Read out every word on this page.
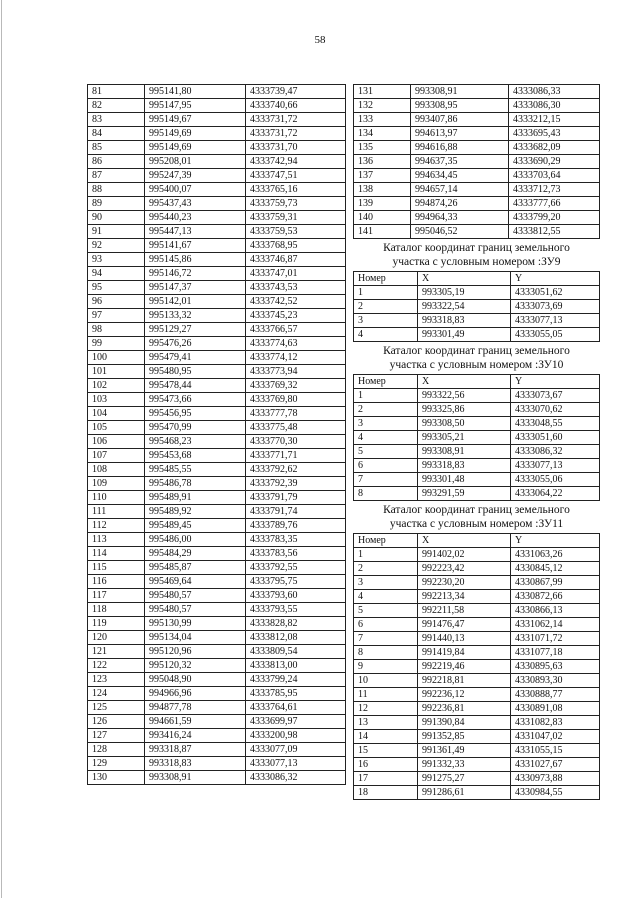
58
81	995141,80	4333739,47
82	995147,95	4333740,66
83	995149,67	4333731,72
84	995149,69	4333731,72
85	995149,69	4333731,70
86	995208,01	4333742,94
87	995247,39	4333747,51
88	995400,07	4333765,16
89	995437,43	4333759,73
90	995440,23	4333759,31
91	995447,13	4333759,53
92	995141,67	4333768,95
93	995145,86	4333746,87
94	995146,72	4333747,01
95	995147,37	4333743,53
96	995142,01	4333742,52
97	995133,32	4333745,23
98	995129,27	4333766,57
99	995476,26	4333774,63
100	995479,41	4333774,12
101	995480,95	4333773,94
102	995478,44	4333769,32
103	995473,66	4333769,80
104	995456,95	4333777,78
105	995470,99	4333775,48
106	995468,23	4333770,30
107	995453,68	4333771,71
108	995485,55	4333792,62
109	995486,78	4333792,39
110	995489,91	4333791,79
111	995489,92	4333791,74
112	995489,45	4333789,76
113	995486,00	4333783,35
114	995484,29	4333783,56
115	995485,87	4333792,55
116	995469,64	4333795,75
117	995480,57	4333793,60
118	995480,57	4333793,55
119	995130,99	4333828,82
120	995134,04	4333812,08
121	995120,96	4333809,54
122	995120,32	4333813,00
123	995048,90	4333799,24
124	994966,96	4333785,95
125	994877,78	4333764,61
126	994661,59	4333699,97
127	993416,24	4333200,98
128	993318,87	4333077,09
129	993318,83	4333077,13
130	993308,91	4333086,32
131	993308,91	4333086,33
132	993308,95	4333086,30
133	993407,86	4333212,15
134	994613,97	4333695,43
135	994616,88	4333682,09
136	994637,35	4333690,29
137	994634,45	4333703,64
138	994657,14	4333712,73
139	994874,26	4333777,66
140	994964,33	4333799,20
141	995046,52	4333812,55
Каталог координат границ земельного
участка с условным номером :ЗУ9
Номер	X	Y
1	993305,19	4333051,62
2	993322,54	4333073,69
3	993318,83	4333077,13
4	993301,49	4333055,05
Каталог координат границ земельного
участка с условным номером :ЗУ10
Номер	X	Y
1	993322,56	4333073,67
2	993325,86	4333070,62
3	993308,50	4333048,55
4	993305,21	4333051,60
5	993308,91	4333086,32
6	993318,83	4333077,13
7	993301,48	4333055,06
8	993291,59	4333064,22
Каталог координат границ земельного
участка с условным номером :ЗУ11
Номер	X	Y
1	991402,02	4331063,26
2	992223,42	4330845,12
3	992230,20	4330867,99
4	992213,34	4330872,66
5	992211,58	4330866,13
6	991476,47	4331062,14
7	991440,13	4331071,72
8	991419,84	4331077,18
9	992219,46	4330895,63
10	992218,81	4330893,30
11	992236,12	4330888,77
12	992236,81	4330891,08
13	991390,84	4331082,83
14	991352,85	4331047,02
15	991361,49	4331055,15
16	991332,33	4331027,67
17	991275,27	4330973,88
18	991286,61	4330984,55
